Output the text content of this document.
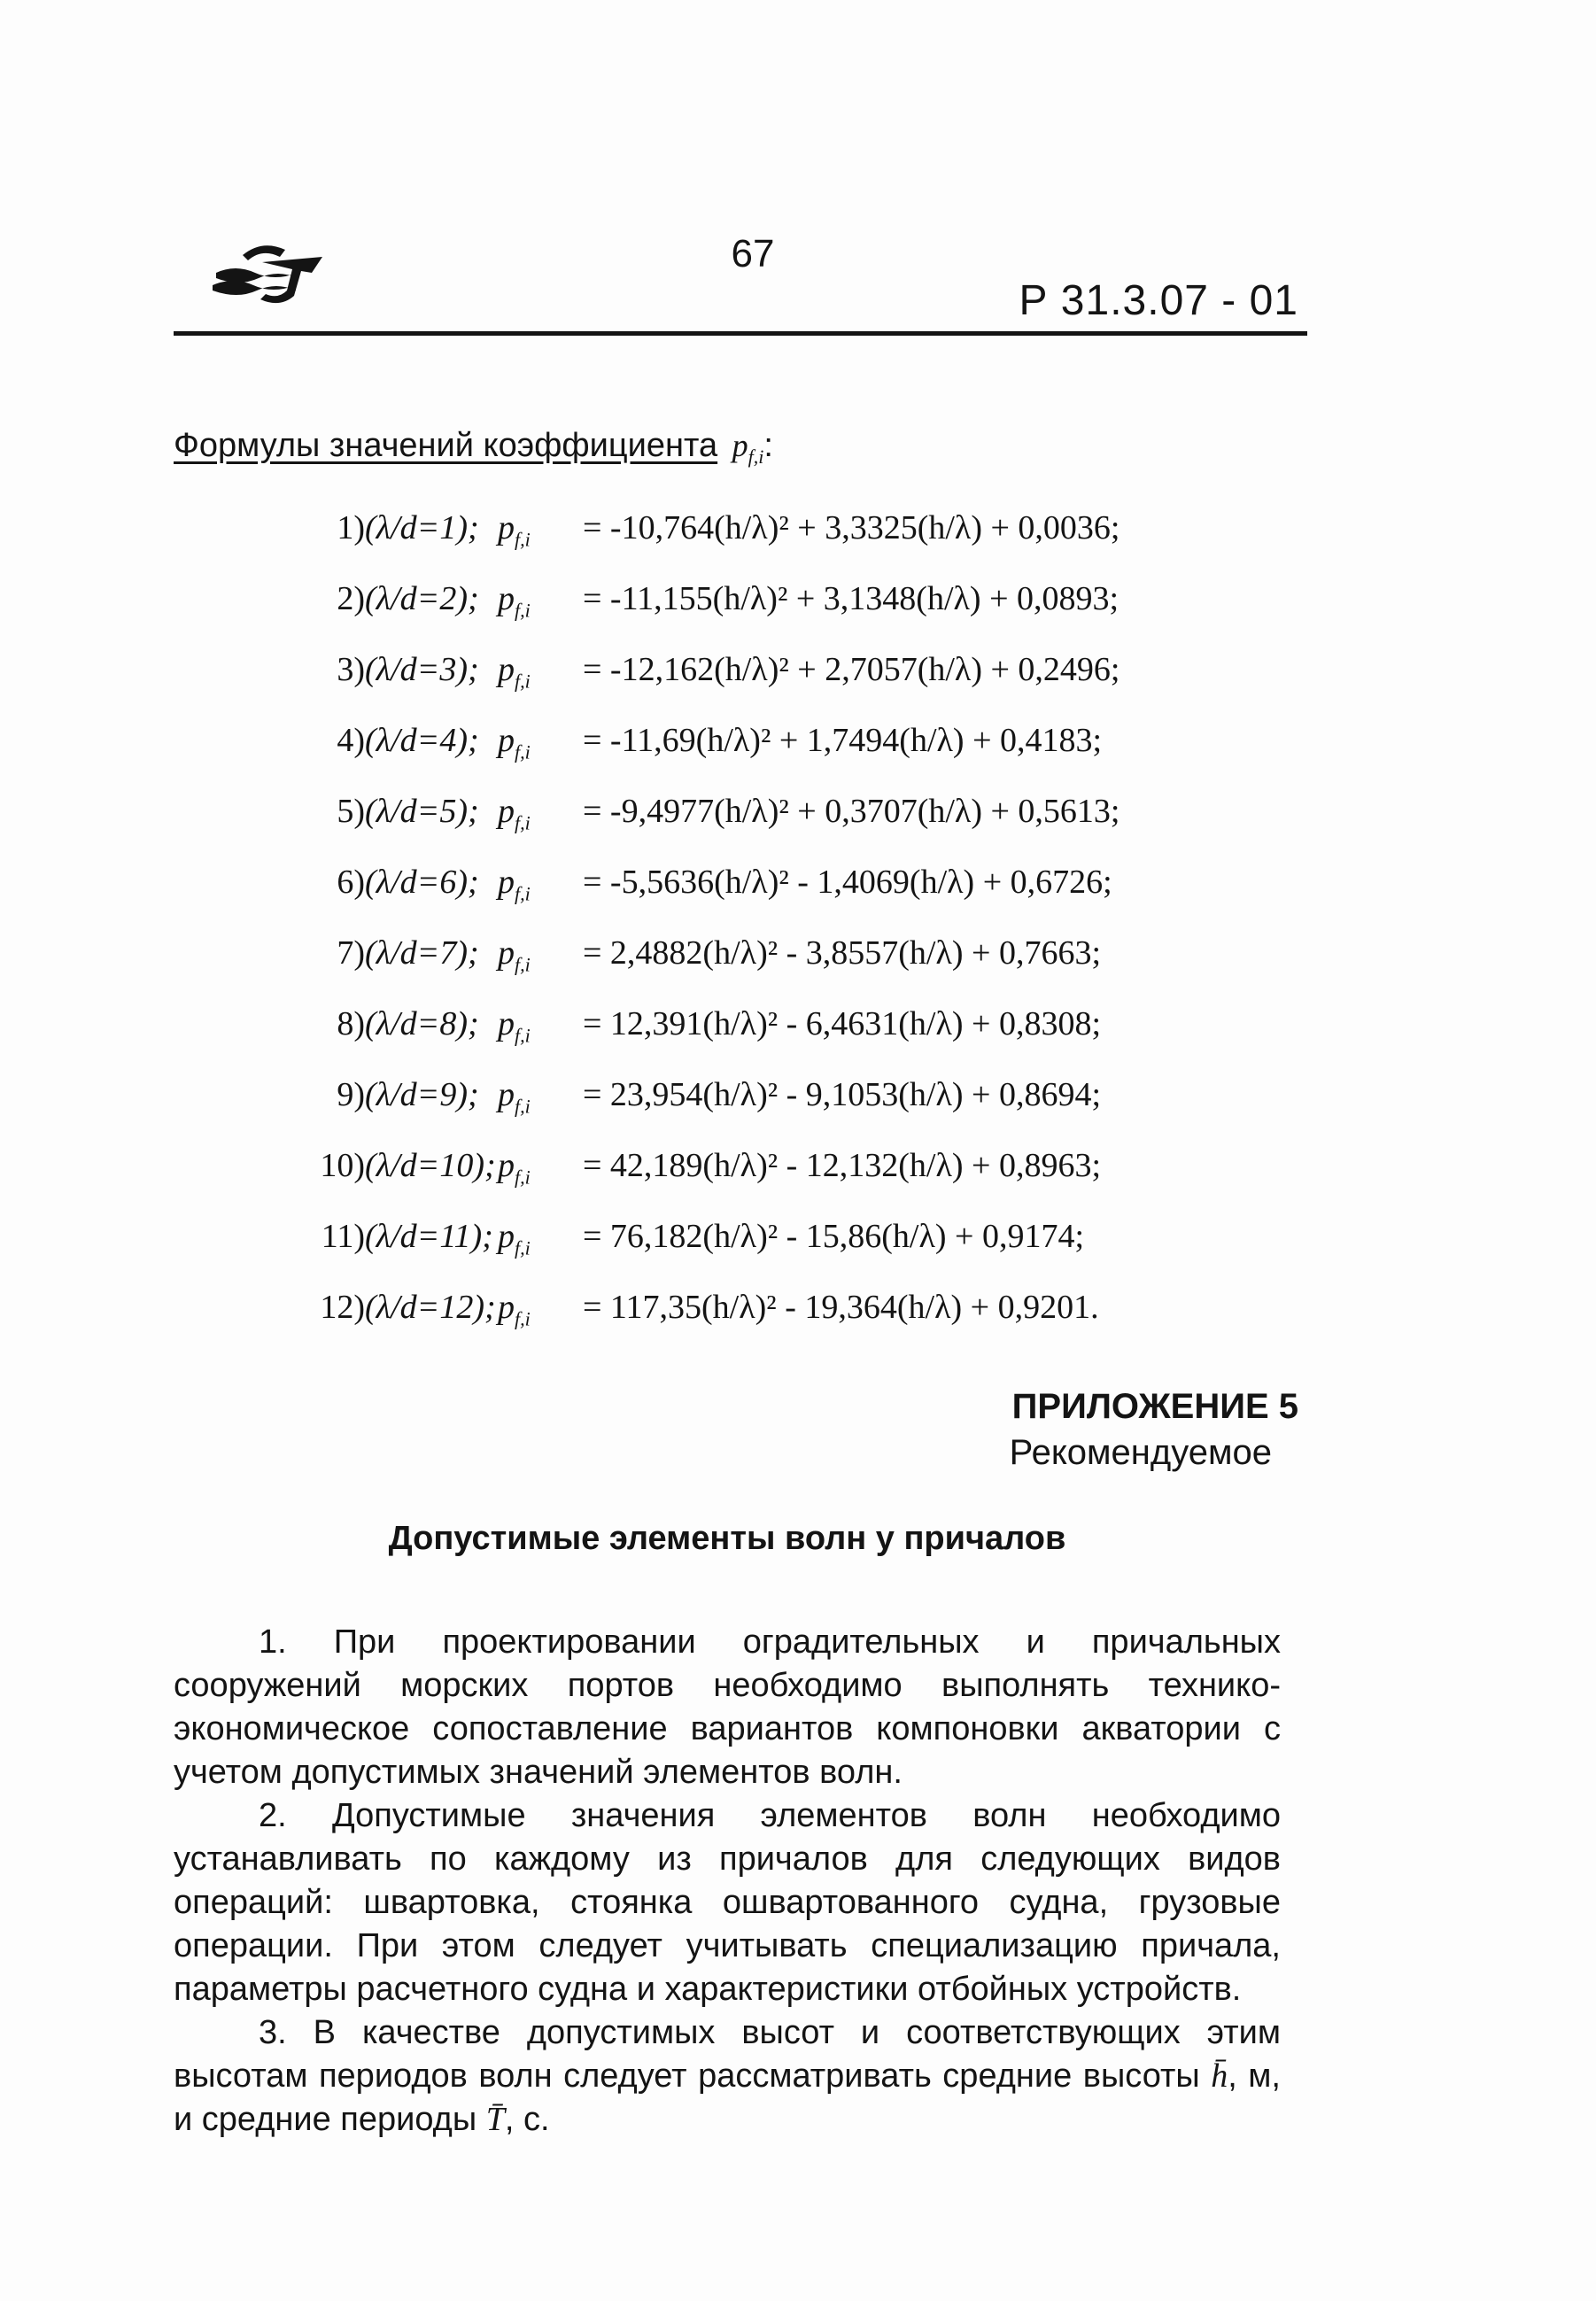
67
Р 31.3.07 - 01
Формулы значений коэффициента $p_{f,i}$:
1)(λ/d=1); $p_{f,i} = -10,764(h/\lambda)^2 + 3,3325(h/\lambda) + 0,0036$;
2)(λ/d=2); $p_{f,i} = -11,155(h/\lambda)^2 + 3,1348(h/\lambda) + 0,0893$;
3)(λ/d=3); $p_{f,i} = -12,162(h/\lambda)^2 + 2,7057(h/\lambda) + 0,2496$;
4)(λ/d=4); $p_{f,i} = -11,69(h/\lambda)^2 + 1,7494(h/\lambda) + 0,4183$;
5)(λ/d=5); $p_{f,i} = -9,4977(h/\lambda)^2 + 0,3707(h/\lambda) + 0,5613$;
6)(λ/d=6); $p_{f,i} = -5,5636(h/\lambda)^2 - 1,4069(h/\lambda) + 0,6726$;
7)(λ/d=7); $p_{f,i} = 2,4882(h/\lambda)^2 - 3,8557(h/\lambda) + 0,7663$;
8)(λ/d=8); $p_{f,i} = 12,391(h/\lambda)^2 - 6,4631(h/\lambda) + 0,8308$;
9)(λ/d=9); $p_{f,i} = 23,954(h/\lambda)^2 - 9,1053(h/\lambda) + 0,8694$;
$10)(\lambda/d=10);p_{f,i} = 42,189(h/\lambda)^2 - 12,132(h/\lambda) + 0,8963$;
11)(λ/d=11); $p_{f,i} = 76,182(h/\lambda)^2 - 15,86(h/\lambda) + 0,9174$;
$12)(\lambda/d=12);p_{f,i} = 117,35(h/\lambda)^2 - 19,364(h/\lambda) + 0,9201$.
ПРИЛОЖЕНИЕ 5
Рекомендуемое
Допустимые элементы волн у причалов

1. При проектировании оградительных и причальных сооружений морских портов необходимо выполнять технико-экономическое сопоставление вариантов компоновки акватории с учетом допустимых значений элементов волн.

2. Допустимые значения элементов волн необходимо устанавливать по каждому из причалов для следующих видов операций: швартовка, стоянка ошвартованного судна, грузовые операции. При этом следует учитывать специализацию причала, параметры расчетного судна и характеристики отбойных устройств.

3. В качестве допустимых высот и соответствующих этим высотам периодов волн следует рассматривать средние высоты h̄, м, и средние периоды T̄, с.
